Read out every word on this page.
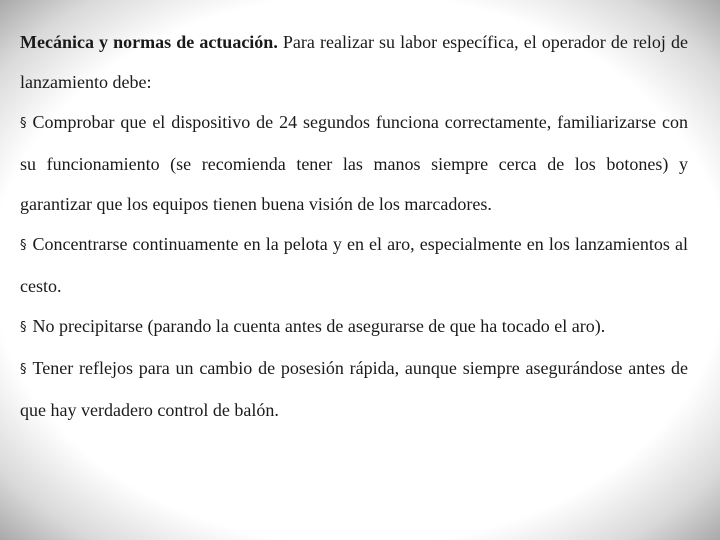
Mecánica y normas de actuación. Para realizar su labor específica, el operador de reloj de lanzamiento debe:

§ Comprobar que el dispositivo de 24 segundos funciona correctamente, familiarizarse con su funcionamiento (se recomienda tener las manos siempre cerca de los botones) y garantizar que los equipos tienen buena visión de los marcadores.

§ Concentrarse continuamente en la pelota y en el aro, especialmente en los lanzamientos al cesto.

§ No precipitarse (parando la cuenta antes de asegurarse de que ha tocado el aro).

§ Tener reflejos para un cambio de posesión rápida, aunque siempre asegurándose antes de que hay verdadero control de balón.
